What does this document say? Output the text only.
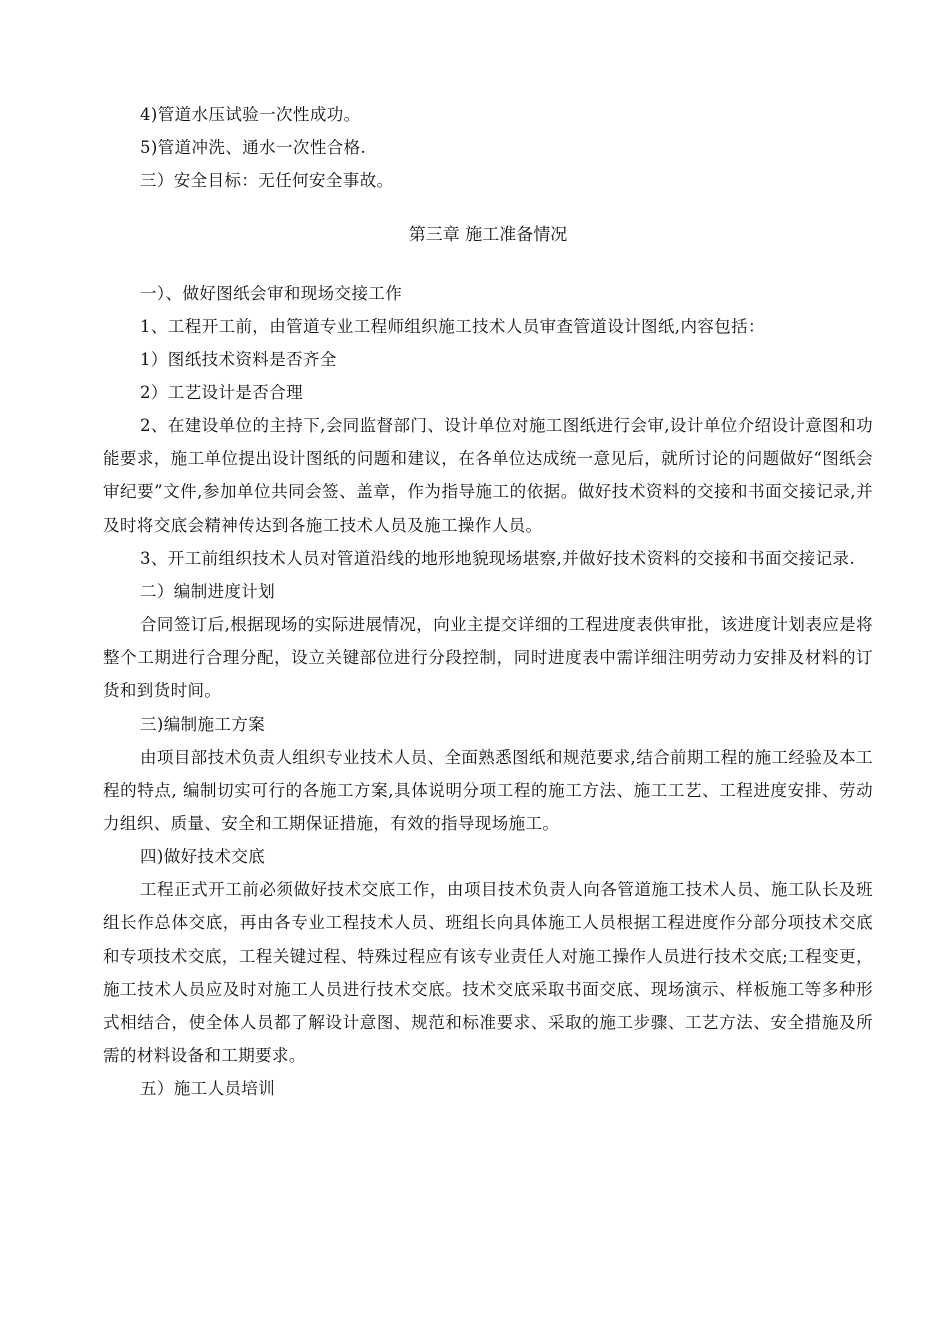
4)管道水压试验一次性成功。

5)管道冲洗、通水一次性合格.

三）安全目标：无任何安全事故。

第三章 施工准备情况

一）、做好图纸会审和现场交接工作

1、工程开工前，由管道专业工程师组织施工技术人员审查管道设计图纸,内容包括：

1）图纸技术资料是否齐全

2）工艺设计是否合理

2、在建设单位的主持下,会同监督部门、设计单位对施工图纸进行会审,设计单位介绍设计意图和功能要求，施工单位提出设计图纸的问题和建议，在各单位达成统一意见后，就所讨论的问题做好“图纸会审纪要”文件,参加单位共同会签、盖章，作为指导施工的依据。做好技术资料的交接和书面交接记录,并及时将交底会精神传达到各施工技术人员及施工操作人员。

3、开工前组织技术人员对管道沿线的地形地貌现场堪察,并做好技术资料的交接和书面交接记录.

二）编制进度计划

合同签订后,根据现场的实际进展情况，向业主提交详细的工程进度表供审批，该进度计划表应是将整个工期进行合理分配，设立关键部位进行分段控制，同时进度表中需详细注明劳动力安排及材料的订货和到货时间。

三)编制施工方案

由项目部技术负责人组织专业技术人员、全面熟悉图纸和规范要求,结合前期工程的施工经验及本工程的特点, 编制切实可行的各施工方案,具体说明分项工程的施工方法、施工工艺、工程进度安排、劳动力组织、质量、安全和工期保证措施，有效的指导现场施工。

四)做好技术交底

工程正式开工前必须做好技术交底工作，由项目技术负责人向各管道施工技术人员、施工队长及班组长作总体交底，再由各专业工程技术人员、班组长向具体施工人员根据工程进度作分部分项技术交底和专项技术交底，工程关键过程、特殊过程应有该专业责任人对施工操作人员进行技术交底;工程变更，施工技术人员应及时对施工人员进行技术交底。技术交底采取书面交底、现场演示、样板施工等多种形式相结合，使全体人员都了解设计意图、规范和标准要求、采取的施工步骤、工艺方法、安全措施及所需的材料设备和工期要求。

五）施工人员培训
